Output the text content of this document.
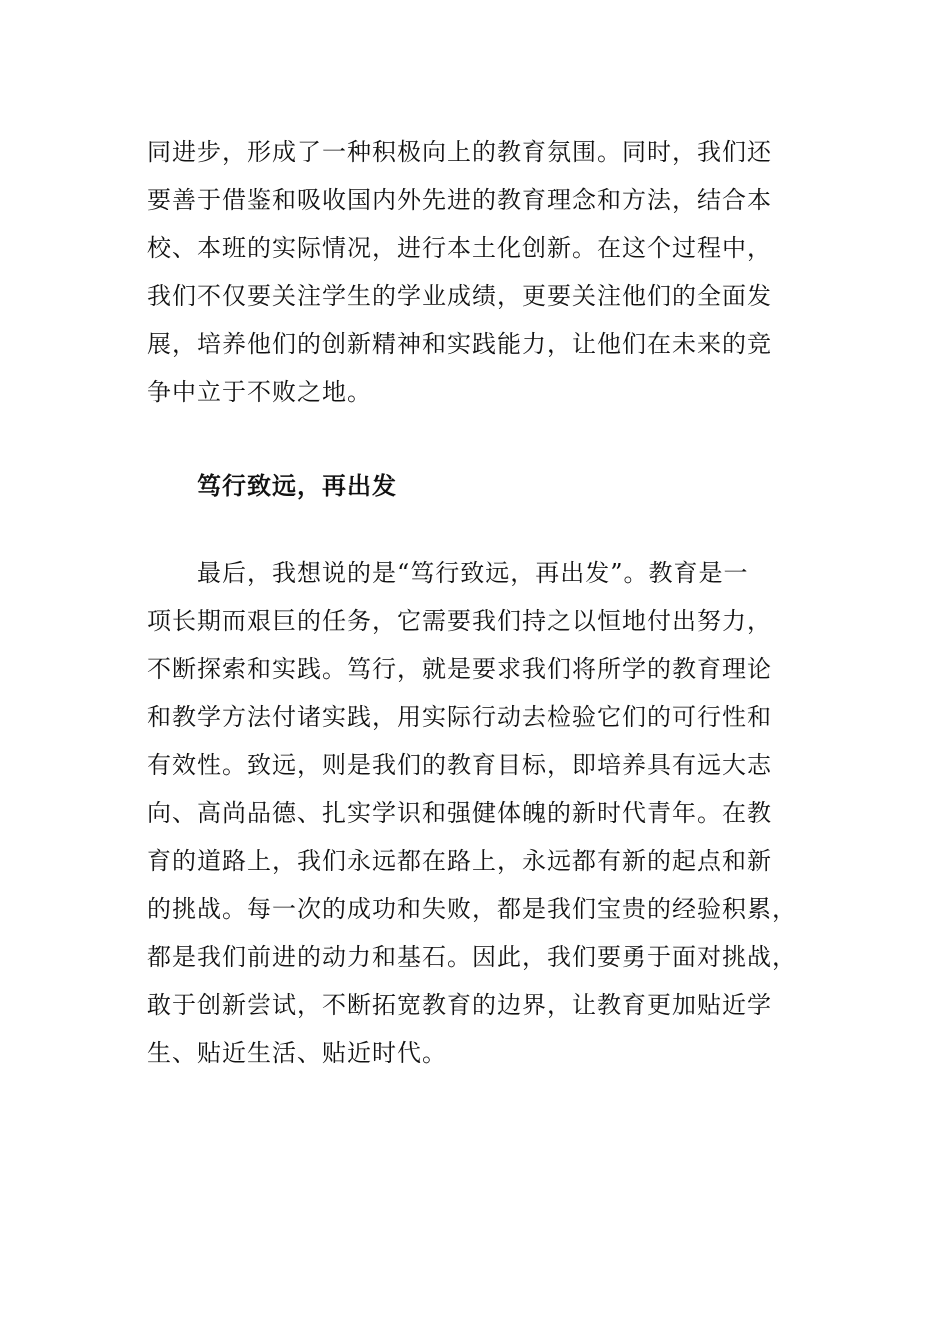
同进步，形成了一种积极向上的教育氛围。同时，我们还
要善于借鉴和吸收国内外先进的教育理念和方法，结合本
校、本班的实际情况，进行本土化创新。在这个过程中，
我们不仅要关注学生的学业成绩，更要关注他们的全面发
展，培养他们的创新精神和实践能力，让他们在未来的竞
争中立于不败之地。
笃行致远，再出发
最后，我想说的是“笃行致远，再出发”。教育是一
项长期而艰巨的任务，它需要我们持之以恒地付出努力，
不断探索和实践。笃行，就是要求我们将所学的教育理论
和教学方法付诸实践，用实际行动去检验它们的可行性和
有效性。致远，则是我们的教育目标，即培养具有远大志
向、高尚品德、扎实学识和强健体魄的新时代青年。在教
育的道路上，我们永远都在路上，永远都有新的起点和新
的挑战。每一次的成功和失败，都是我们宝贵的经验积累，
都是我们前进的动力和基石。因此，我们要勇于面对挑战，
敢于创新尝试，不断拓宽教育的边界，让教育更加贴近学
生、贴近生活、贴近时代。
